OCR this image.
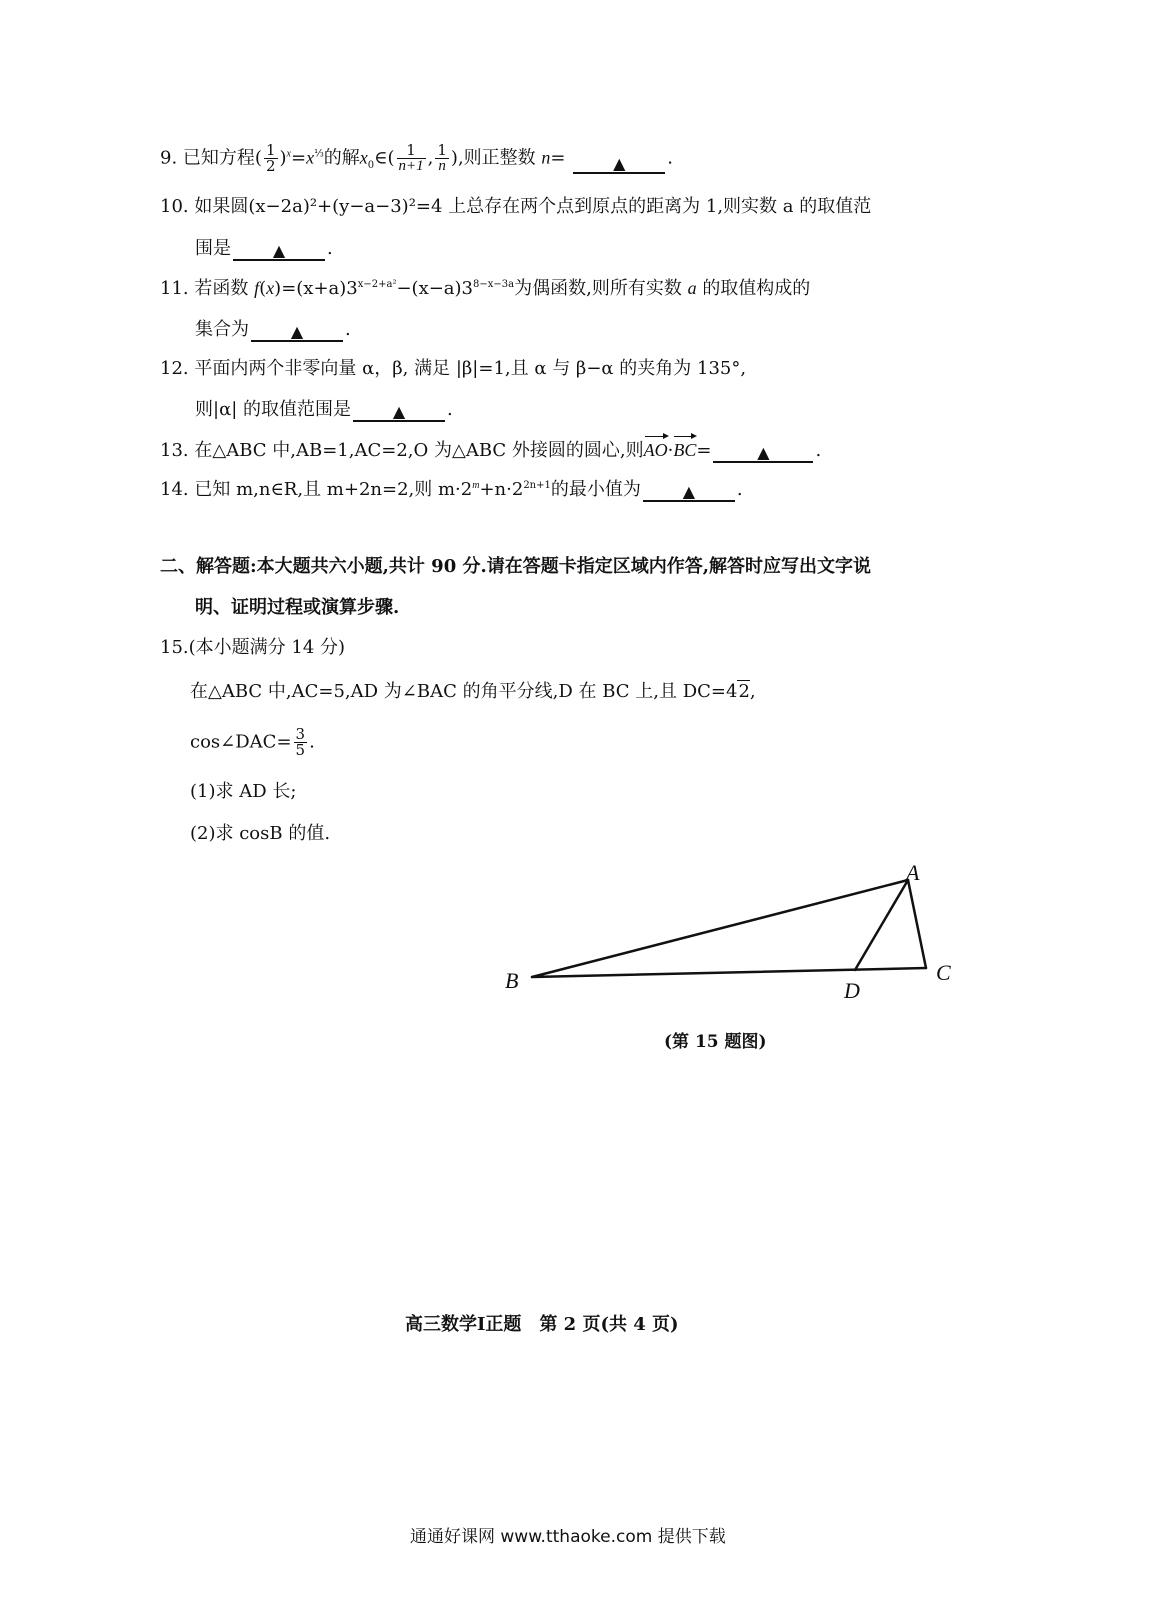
9. 已知方程( $\frac{1}{2} )^x=x^{\frac{1}{3}}$的解$x_0\in( \frac{1}{n+1}$ , $\frac{1}{n}$ ),则正整数 n=	▲ .
10. 如果圆(x−2a)²+(y−a−3)²=4 上总存在两个点到原点的距离为 1,则实数 a 的取值范
围是	▲ .
11. 若函数 $f(x)=(x+a)3^{x-2+a^2}-(x-a)3^{8-x-3a}$为偶函数,则所有实数 a 的取值构成的
集合为	▲ .
12. 平面内两个非零向量 α，β, 满足 |β|=1,且 α 与 β−α 的夹角为 135°,
则|α| 的取值范围是	▲ .
13. 在△ABC 中,AB=1,AC=2,O 为△ABC 外接圆的圆心,则AO·BC=	▲	.
14. 已知 m,n∈R,且 m+2n=2,则 $m\cdot 2^m+n\cdot 2^{2n+1}$的最小值为	▲ .
二、解答题:本大题共六小题,共计 90 分.请在答题卡指定区域内作答,解答时应写出文字说
明、证明过程或演算步骤.
15.(本小题满分 14 分)
在△ABC 中,AC=5,AD 为∠BAC 的角平分线,D 在 BC 上,且 DC=42,
cos∠DAC= $\frac{3}{5}$ .
(1)求 AD 长;
(2)求 cosB 的值.
A
B	C
D
(第 15 题图)
高三数学Ⅰ正题　第 2 页(共 4 页)
通通好课网 www.tthaoke.com 提供下载
